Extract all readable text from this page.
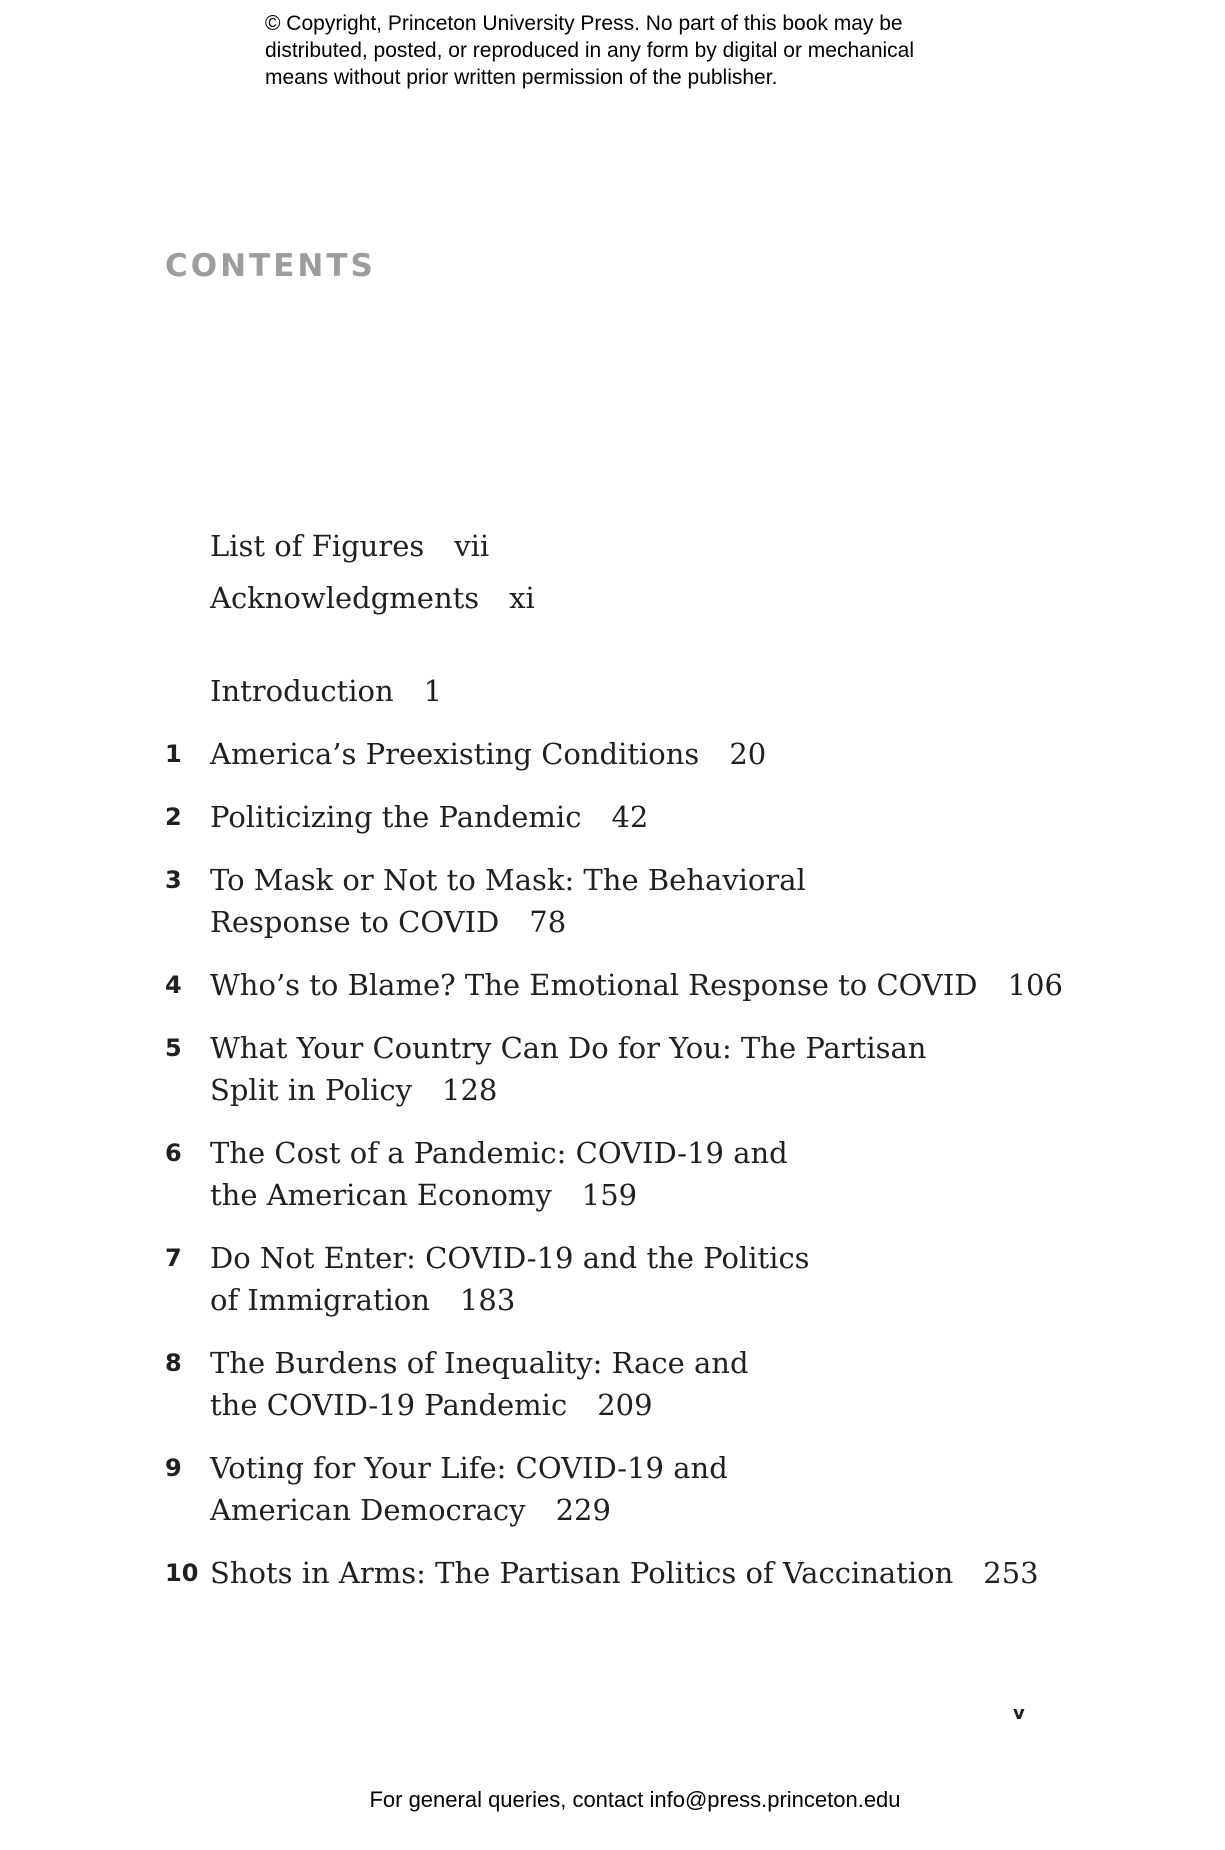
© Copyright, Princeton University Press. No part of this book may be
distributed, posted, or reproduced in any form by digital or mechanical
means without prior written permission of the publisher.
CONTENTS
List of Figures vii
Acknowledgments xi
Introduction 1
1 America’s Preexisting Conditions 20
2 Politicizing the Pandemic 42
3 To Mask or Not to Mask: The Behavioral
Response to COVID 78
4 Who’s to Blame? The Emotional Response to COVID 106
5 What Your Country Can Do for You: The Partisan
Split in Policy 128
6 The Cost of a Pandemic: COVID-19 and
the American Economy 159
7 Do Not Enter: COVID-19 and the Politics
of Immigration 183
8 The Burdens of Inequality: Race and
the COVID-19 Pandemic 209
9 Voting for Your Life: COVID-19 and
American Democracy 229
10 Shots in Arms: The Partisan Politics of Vaccination 253
v
For general queries, contact info@press.princeton.edu
